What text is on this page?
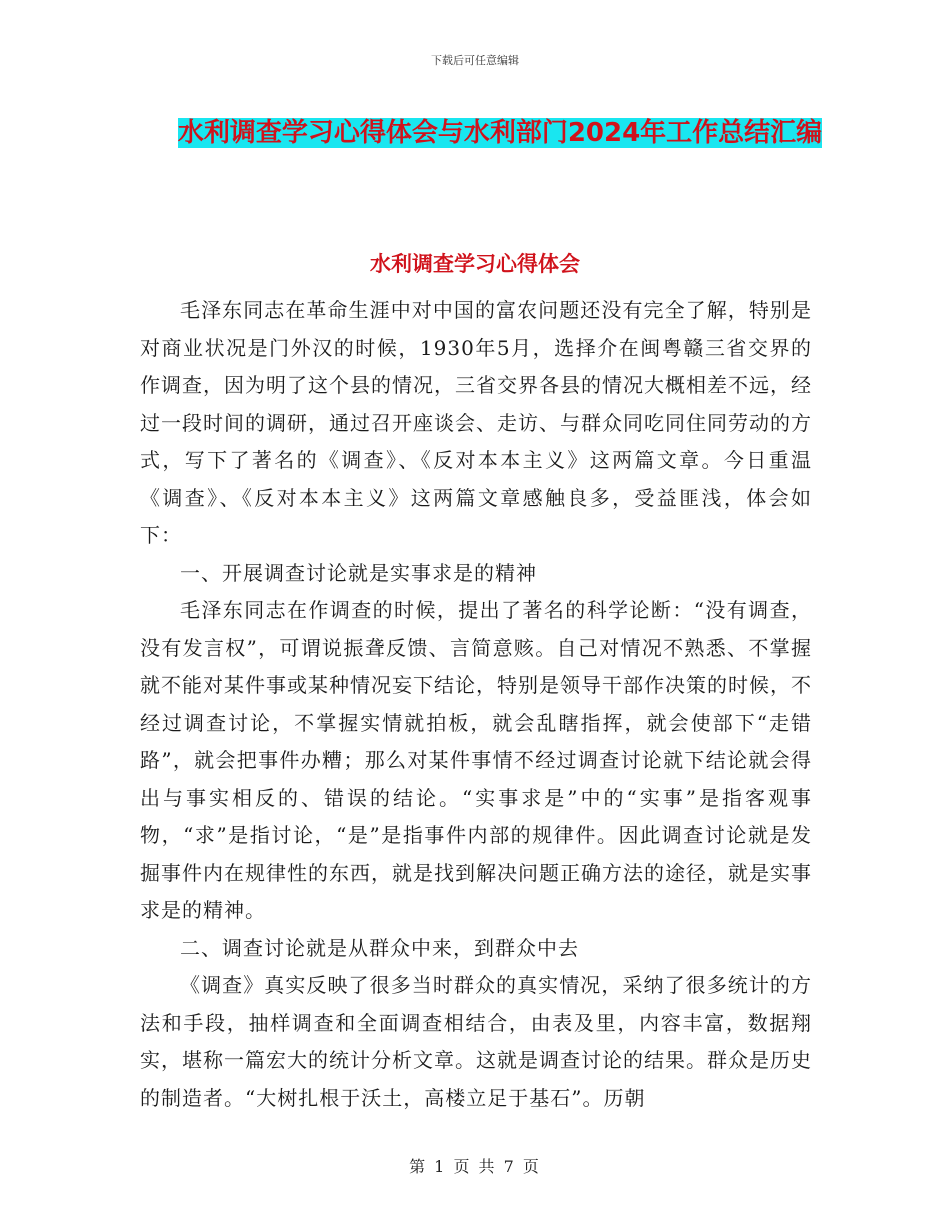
下载后可任意编辑
水利调查学习心得体会与水利部门2024年工作总结汇编
水利调查学习心得体会

毛泽东同志在革命生涯中对中国的富农问题还没有完全了解，特别是对商业状况是门外汉的时候，1930年5月，选择介在闽粤赣三省交界的作调查，因为明了这个县的情况，三省交界各县的情况大概相差不远，经过一段时间的调研，通过召开座谈会、走访、与群众同吃同住同劳动的方式，写下了著名的《调查》、《反对本本主义》这两篇文章。今日重温《调查》、《反对本本主义》这两篇文章感触良多，受益匪浅，体会如下：

一、开展调查讨论就是实事求是的精神

毛泽东同志在作调查的时候，提出了著名的科学论断：“没有调查，没有发言权”，可谓说振聋反馈、言简意赅。自己对情况不熟悉、不掌握就不能对某件事或某种情况妄下结论，特别是领导干部作决策的时候，不经过调查讨论，不掌握实情就拍板，就会乱瞎指挥，就会使部下“走错路”，就会把事件办糟；那么对某件事情不经过调查讨论就下结论就会得出与事实相反的、错误的结论。“实事求是”中的“实事”是指客观事物，“求”是指讨论，“是”是指事件内部的规律件。因此调查讨论就是发掘事件内在规律性的东西，就是找到解决问题正确方法的途径，就是实事求是的精神。

二、调查讨论就是从群众中来，到群众中去

《调查》真实反映了很多当时群众的真实情况，采纳了很多统计的方法和手段，抽样调查和全面调查相结合，由表及里，内容丰富，数据翔实，堪称一篇宏大的统计分析文章。这就是调查讨论的结果。群众是历史的制造者。“大树扎根于沃土，高楼立足于基石”。历朝

第 1 页 共 7 页
